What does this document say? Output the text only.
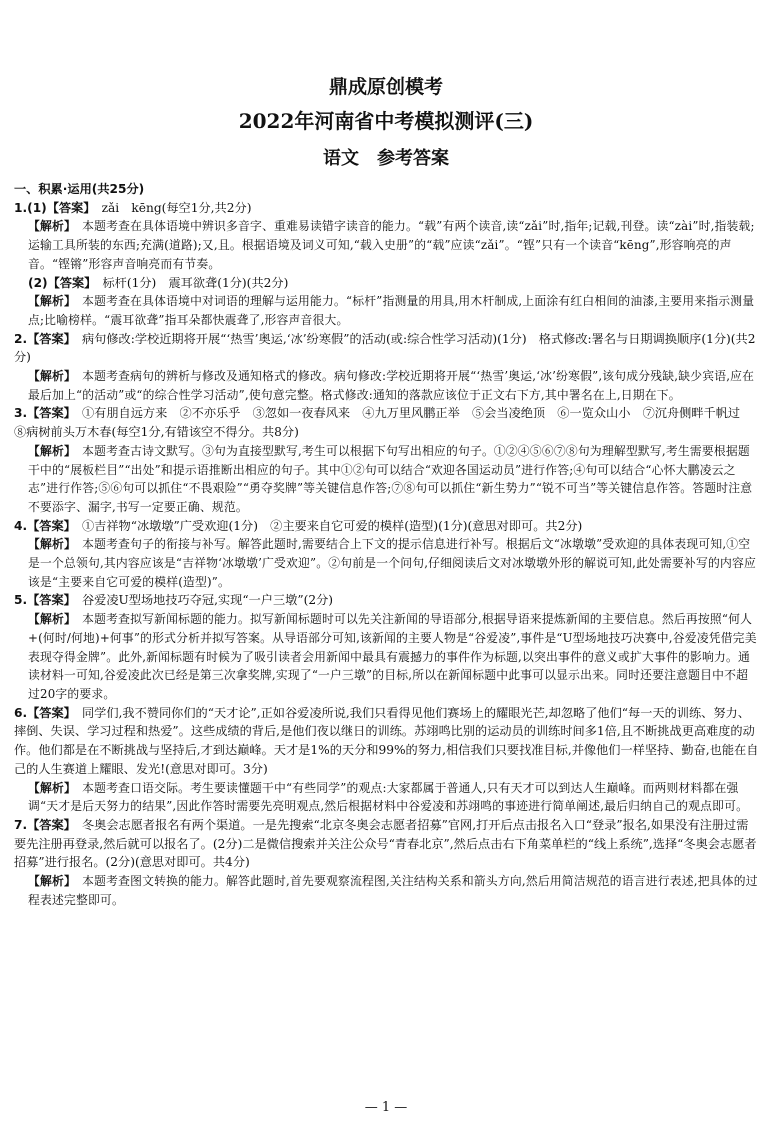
鼎成原创模考
2022年河南省中考模拟测评(三)
语文　参考答案

一、积累·运用(共25分)

1.(1)【答案】　zǎi　kēng(每空1分,共2分)

【解析】　本题考查在具体语境中辨识多音字、重难易读错字读音的能力。“载”有两个读音,读“zǎi”时,指年;记载,刊登。读“zài”时,指装载;运输工具所装的东西;充满(道路);又,且。根据语境及词义可知,“载入史册”的“载”应读“zǎi”。“铿”只有一个读音“kēng”,形容响亮的声音。“铿锵”形容声音响亮而有节奏。

(2)【答案】　标杆(1分)　震耳欲聋(1分)(共2分)

【解析】　本题考查在具体语境中对词语的理解与运用能力。“标杆”指测量的用具,用木杆制成,上面涂有红白相间的油漆,主要用来指示测量点;比喻榜样。“震耳欲聋”指耳朵都快震聋了,形容声音很大。

2.【答案】　病句修改:学校近期将开展“‘热雪’奥运,‘冰’纷寒假”的活动(或:综合性学习活动)(1分)　格式修改:署名与日期调换顺序(1分)(共2分)

【解析】　本题考查病句的辨析与修改及通知格式的修改。病句修改:学校近期将开展“‘热雪’奥运,‘冰’纷寒假”,该句成分残缺,缺少宾语,应在最后加上“的活动”或“的综合性学习活动”,使句意完整。格式修改:通知的落款应该位于正文右下方,其中署名在上,日期在下。

3.【答案】　①有朋自远方来　②不亦乐乎　③忽如一夜春风来　④九万里风鹏正举　⑤会当凌绝顶　⑥一览众山小　⑦沉舟侧畔千帆过　⑧病树前头万木春(每空1分,有错该空不得分。共8分)

【解析】　本题考查古诗文默写。③句为直接型默写,考生可以根据下句写出相应的句子。①②④⑤⑥⑦⑧句为理解型默写,考生需要根据题干中的“展板栏目”“出处”和提示语推断出相应的句子。其中①②句可以结合“欢迎各国运动员”进行作答;④句可以结合“心怀大鹏凌云之志”进行作答;⑤⑥句可以抓住“不畏艰险”“勇夺奖牌”等关键信息作答;⑦⑧句可以抓住“新生势力”“锐不可当”等关键信息作答。答题时注意不要添字、漏字,书写一定要正确、规范。

4.【答案】　①吉祥物“冰墩墩”广受欢迎(1分)　②主要来自它可爱的模样(造型)(1分)(意思对即可。共2分)

【解析】　本题考查句子的衔接与补写。解答此题时,需要结合上下文的提示信息进行补写。根据后文“冰墩墩”受欢迎的具体表现可知,①空是一个总领句,其内容应该是“吉祥物‘冰墩墩’广受欢迎”。②句前是一个问句,仔细阅读后文对冰墩墩外形的解说可知,此处需要补写的内容应该是“主要来自它可爱的模样(造型)”。

5.【答案】　谷爱凌U型场地技巧夺冠,实现“一户三墩”(2分)

【解析】　本题考查拟写新闻标题的能力。拟写新闻标题时可以先关注新闻的导语部分,根据导语来提炼新闻的主要信息。然后再按照“何人+(何时/何地)+何事”的形式分析并拟写答案。从导语部分可知,该新闻的主要人物是“谷爱凌”,事件是“U型场地技巧决赛中,谷爱凌凭借完美表现夺得金牌”。此外,新闻标题有时候为了吸引读者会用新闻中最具有震撼力的事件作为标题,以突出事件的意义或扩大事件的影响力。通读材料一可知,谷爱凌此次已经是第三次拿奖牌,实现了“一户三墩”的目标,所以在新闻标题中此事可以显示出来。同时还要注意题目中不超过20字的要求。

6.【答案】　同学们,我不赞同你们的“天才论”,正如谷爱凌所说,我们只看得见他们赛场上的耀眼光芒,却忽略了他们“每一天的训练、努力、摔倒、失误、学习过程和热爱”。这些成绩的背后,是他们夜以继日的训练。苏翊鸣比别的运动员的训练时间多1倍,且不断挑战更高难度的动作。他们都是在不断挑战与坚持后,才到达巅峰。天才是1%的天分和99%的努力,相信我们只要找准目标,并像他们一样坚持、勤奋,也能在自己的人生赛道上耀眼、发光!(意思对即可。3分)

【解析】　本题考查口语交际。考生要读懂题干中“有些同学”的观点:大家都属于普通人,只有天才可以到达人生巅峰。而两则材料都在强调“天才是后天努力的结果”,因此作答时需要先亮明观点,然后根据材料中谷爱凌和苏翊鸣的事迹进行简单阐述,最后归纳自己的观点即可。

7.【答案】　冬奥会志愿者报名有两个渠道。一是先搜索“北京冬奥会志愿者招募”官网,打开后点击报名入口“登录”报名,如果没有注册过需要先注册再登录,然后就可以报名了。(2分)二是微信搜索并关注公众号“青春北京”,然后点击右下角菜单栏的“线上系统”,选择“冬奥会志愿者招募”进行报名。(2分)(意思对即可。共4分)

【解析】　本题考查图文转换的能力。解答此题时,首先要观察流程图,关注结构关系和箭头方向,然后用简洁规范的语言进行表述,把具体的过程表述完整即可。

— 1 —
